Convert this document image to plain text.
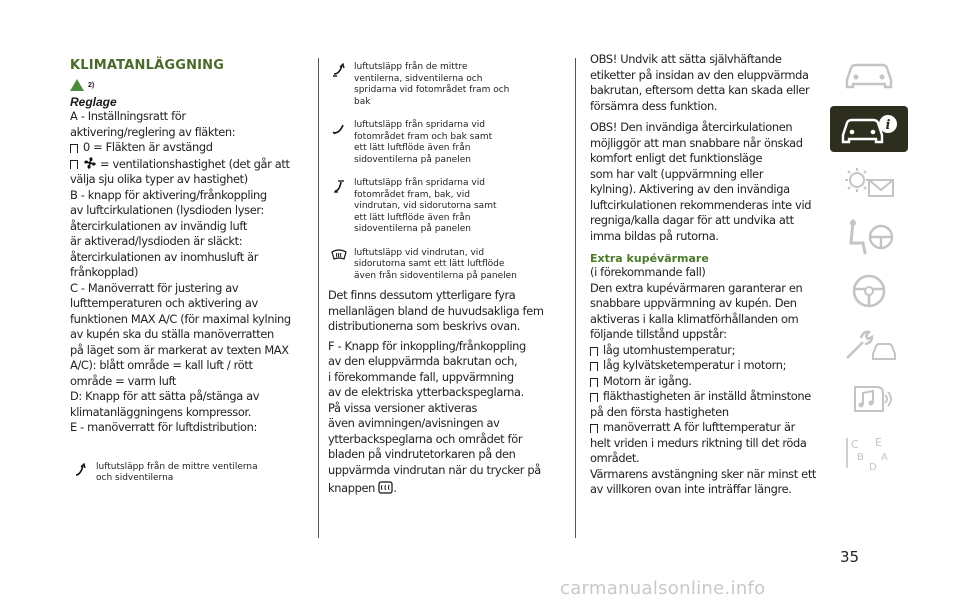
KLIMATANLÄGGNING
2)
Reglage
A - Inställningsratt för
aktivering/reglering av fläkten:
0 = Fläkten är avstängd
= ventilationshastighet (det går att
välja sju olika typer av hastighet)
B - knapp för aktivering/frånkoppling
av luftcirkulationen (lysdioden lyser:
återcirkulationen av invändig luft
är aktiverad/lysdioden är släckt:
återcirkulationen av inomhusluft är
frånkopplad)
C - Manöverratt för justering av
lufttemperaturen och aktivering av
funktionen MAX A/C (för maximal kylning
av kupén ska du ställa manöverratten
på läget som är markerat av texten MAX
A/C): blått område = kall luft / rött
område = varm luft
D: Knapp för att sätta på/stänga av
klimatanläggningens kompressor.
E - manöverratt för luftdistribution:
luftutsläpp från de mittre ventilerna
och sidventilerna
luftutsläpp från de mittre
ventilerna, sidventilerna och
spridarna vid fotområdet fram och
bak
luftutsläpp från spridarna vid
fotområdet fram och bak samt
ett lätt luftflöde även från
sidoventilerna på panelen
luftutsläpp från spridarna vid
fotområdet fram, bak, vid
vindrutan, vid sidorutorna samt
ett lätt luftflöde även från
sidoventilerna på panelen
luftutsläpp vid vindrutan, vid
sidorutorna samt ett lätt luftflöde
även från sidoventilerna på panelen
Det finns dessutom ytterligare fyra
mellanlägen bland de huvudsakliga fem
distributionerna som beskrivs ovan.
F - Knapp för inkoppling/frånkoppling
av den eluppvärmda bakrutan och,
i förekommande fall, uppvärmning
av de elektriska ytterbackspeglarna.
På vissa versioner aktiveras
även avimningen/avisningen av
ytterbackspeglarna och området för
bladen på vindrutetorkaren på den
uppvärmda vindrutan när du trycker på
knappen .
OBS! Undvik att sätta självhäftande
etiketter på insidan av den eluppvärmda
bakrutan, eftersom detta kan skada eller
försämra dess funktion.
OBS! Den invändiga återcirkulationen
möjliggör att man snabbare når önskad
komfort enligt det funktionsläge
som har valt (uppvärmning eller
kylning). Aktivering av den invändiga
luftcirkulationen rekommenderas inte vid
regniga/kalla dagar för att undvika att
imma bildas på rutorna.
Extra kupévärmare
(i förekommande fall)
Den extra kupévärmaren garanterar en
snabbare uppvärmning av kupén. Den
aktiveras i kalla klimatförhållanden om
följande tillstånd uppstår:
låg utomhustemperatur;
låg kylvätsketemperatur i motorn;
Motorn är igång.
fläkthastigheten är inställd åtminstone
på den första hastigheten
manöverratt A för lufttemperatur är
helt vriden i medurs riktning till det röda
området.
Värmarens avstängning sker när minst ett
av villkoren ovan inte inträffar längre.
i
C E
B A
D
35
carmanualsonline.info
